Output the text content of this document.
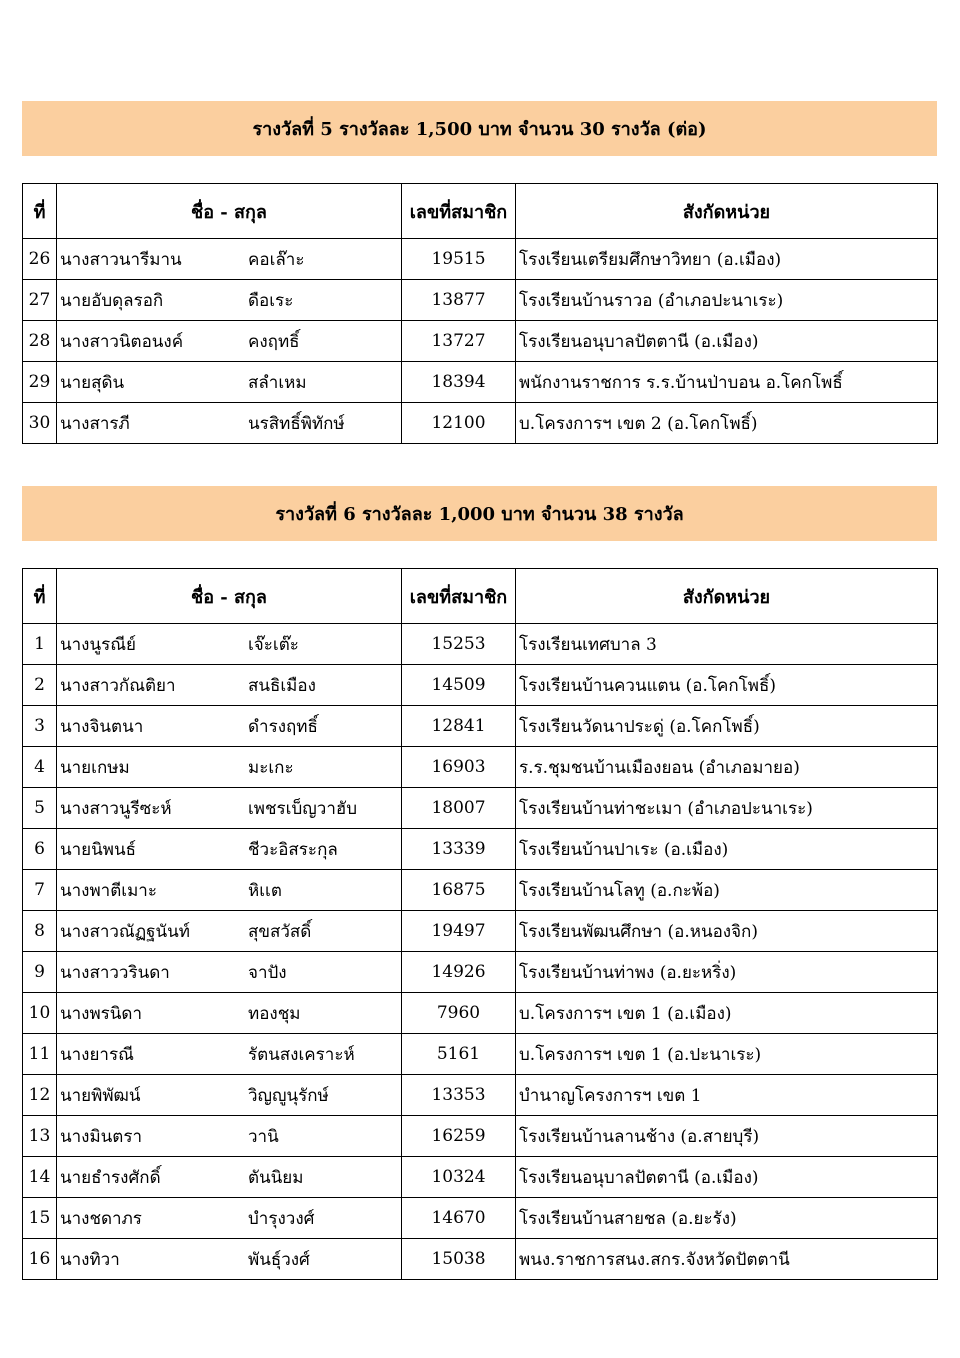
รางวัลที่ 5 รางวัลละ 1,500 บาท จำนวน 30 รางวัล (ต่อ)
ที่	ชื่อ - สกุล	เลขที่สมาชิก	สังกัดหน่วย
26	นางสาวนารีมาน คอเล๊าะ	19515	โรงเรียนเตรียมศึกษาวิทยา (อ.เมือง)
27	นายอับดุลรอกิ ดือเระ	13877	โรงเรียนบ้านราวอ (อำเภอปะนาเระ)
28	นางสาวนิตอนงค์ คงฤทธิ์	13727	โรงเรียนอนุบาลปัตตานี (อ.เมือง)
29	นายสุดิน สลำเหม	18394	พนักงานราชการ ร.ร.บ้านป่าบอน อ.โคกโพธิ์
30	นางสารภี นรสิทธิ์พิทักษ์	12100	บ.โครงการฯ เขต 2 (อ.โคกโพธิ์)
รางวัลที่ 6 รางวัลละ 1,000 บาท จำนวน 38 รางวัล
ที่	ชื่อ - สกุล	เลขที่สมาชิก	สังกัดหน่วย
1	นางนูรณีย์ เจ๊ะเต๊ะ	15253	โรงเรียนเทศบาล 3
2	นางสาวกัณติยา สนธิเมือง	14509	โรงเรียนบ้านควนแตน (อ.โคกโพธิ์)
3	นางจินตนา ดำรงฤทธิ์	12841	โรงเรียนวัดนาประดู่ (อ.โคกโพธิ์)
4	นายเกษม มะเกะ	16903	ร.ร.ชุมชนบ้านเมืองยอน (อำเภอมายอ)
5	นางสาวนูรีซะห์ เพชรเบ็ญวาฮับ	18007	โรงเรียนบ้านท่าชะเมา (อำเภอปะนาเระ)
6	นายนิพนธ์ ชีวะอิสระกุล	13339	โรงเรียนบ้านปาเระ (อ.เมือง)
7	นางพาตีเมาะ หิเเต	16875	โรงเรียนบ้านโลทู (อ.กะพ้อ)
8	นางสาวณัฏฐนันท์ สุขสวัสดิ์	19497	โรงเรียนพัฒนศึกษา (อ.หนองจิก)
9	นางสาววรินดา จาปัง	14926	โรงเรียนบ้านท่าพง (อ.ยะหริ่ง)
10	นางพรนิดา ทองชุม	7960	บ.โครงการฯ เขต 1 (อ.เมือง)
11	นางยารณี รัตนสงเคราะห์	5161	บ.โครงการฯ เขต 1 (อ.ปะนาเระ)
12	นายพิพัฒน์ วิญญูนุรักษ์	13353	บำนาญโครงการฯ เขต 1
13	นางมินตรา วานิ	16259	โรงเรียนบ้านลานช้าง (อ.สายบุรี)
14	นายธำรงศักดิ์ ตันนิยม	10324	โรงเรียนอนุบาลปัตตานี (อ.เมือง)
15	นางชดาภร บำรุงวงศ์	14670	โรงเรียนบ้านสายชล (อ.ยะรัง)
16	นางทิวา พันธุ์วงศ์	15038	พนง.ราชการสนง.สกร.จังหวัดปัตตานี
